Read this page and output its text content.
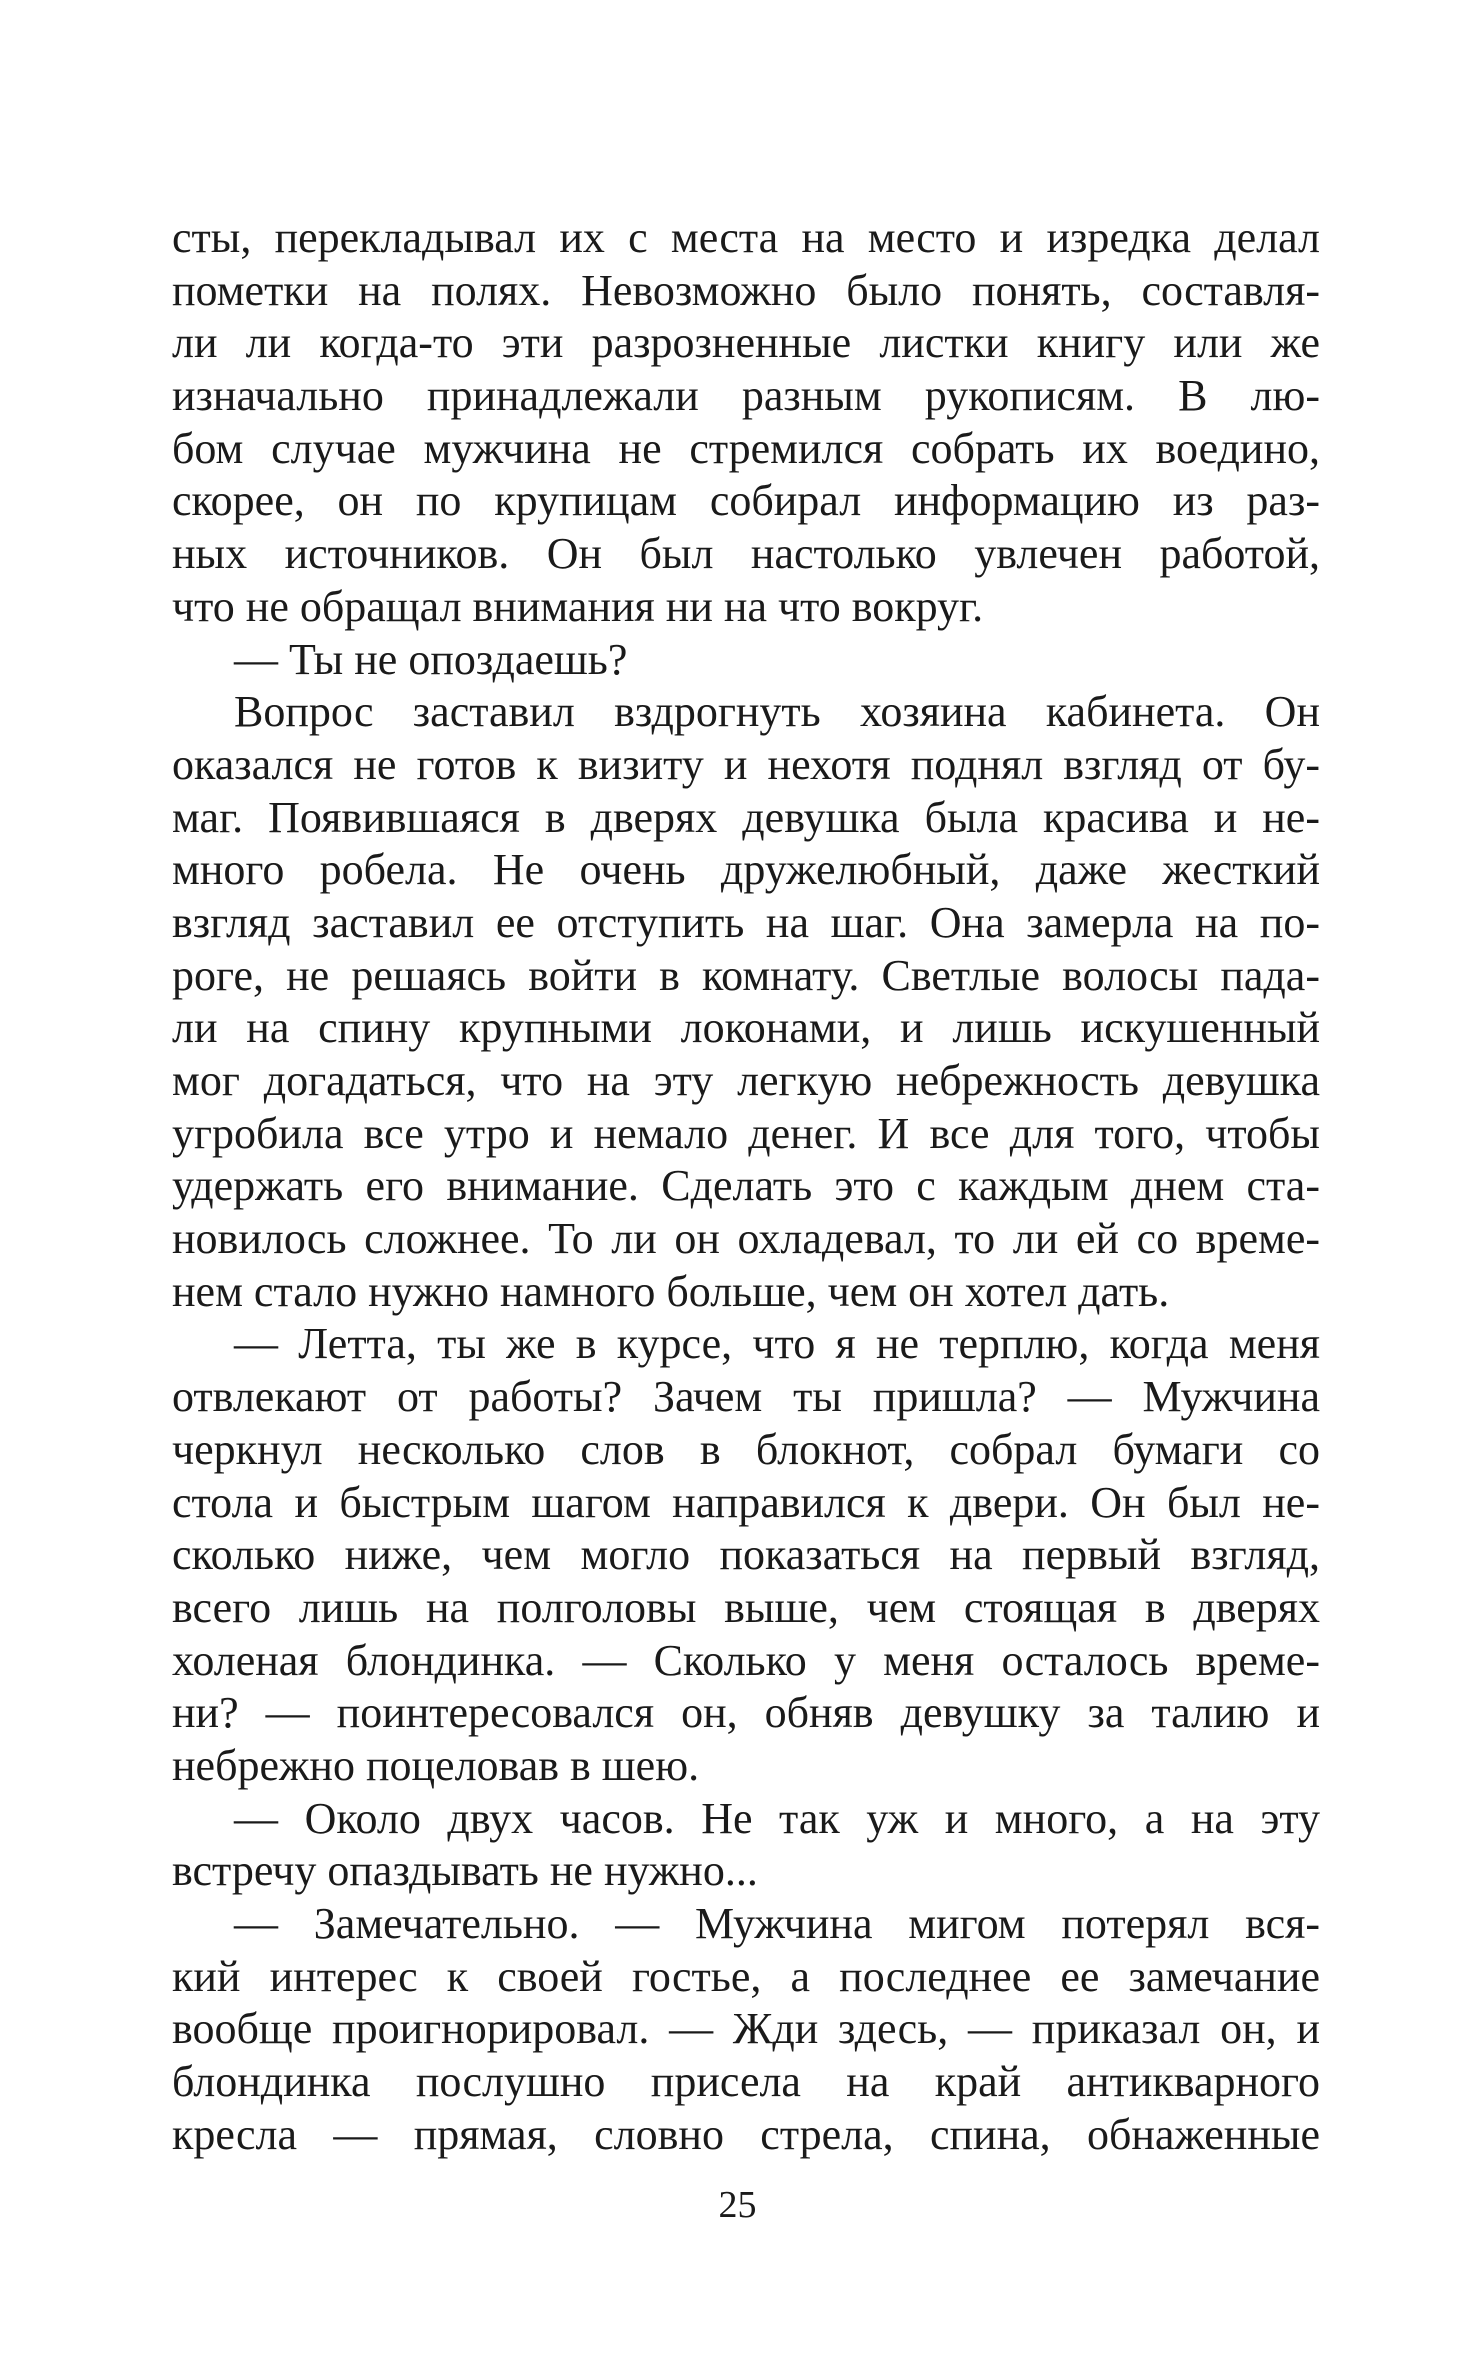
сты, перекладывал их с места на место и изредка делал
пометки на полях. Невозможно было понять, составля-
ли ли когда-то эти разрозненные листки книгу или же
изначально принадлежали разным рукописям. В лю-
бом случае мужчина не стремился собрать их воедино,
скорее, он по крупицам собирал информацию из раз-
ных источников. Он был настолько увлечен работой,
что не обращал внимания ни на что вокруг.
— Ты не опоздаешь?
Вопрос заставил вздрогнуть хозяина кабинета. Он
оказался не готов к визиту и нехотя поднял взгляд от бу-
маг. Появившаяся в дверях девушка была красива и не-
много робела. Не очень дружелюбный, даже жесткий
взгляд заставил ее отступить на шаг. Она замерла на по-
роге, не решаясь войти в комнату. Светлые волосы пада-
ли на спину крупными локонами, и лишь искушенный
мог догадаться, что на эту легкую небрежность девушка
угробила все утро и немало денег. И все для того, чтобы
удержать его внимание. Сделать это с каждым днем ста-
новилось сложнее. То ли он охладевал, то ли ей со време-
нем стало нужно намного больше, чем он хотел дать.
— Летта, ты же в курсе, что я не терплю, когда меня
отвлекают от работы? Зачем ты пришла? — Мужчина
черкнул несколько слов в блокнот, собрал бумаги со
стола и быстрым шагом направился к двери. Он был не-
сколько ниже, чем могло показаться на первый взгляд,
всего лишь на полголовы выше, чем стоящая в дверях
холеная блондинка. — Сколько у меня осталось време-
ни? — поинтересовался он, обняв девушку за талию и
небрежно поцеловав в шею.
— Около двух часов. Не так уж и много, а на эту
встречу опаздывать не нужно...
— Замечательно. — Мужчина мигом потерял вся-
кий интерес к своей гостье, а последнее ее замечание
вообще проигнорировал. — Жди здесь, — приказал он, и
блондинка послушно присела на край антикварного
кресла — прямая, словно стрела, спина, обнаженные
25
